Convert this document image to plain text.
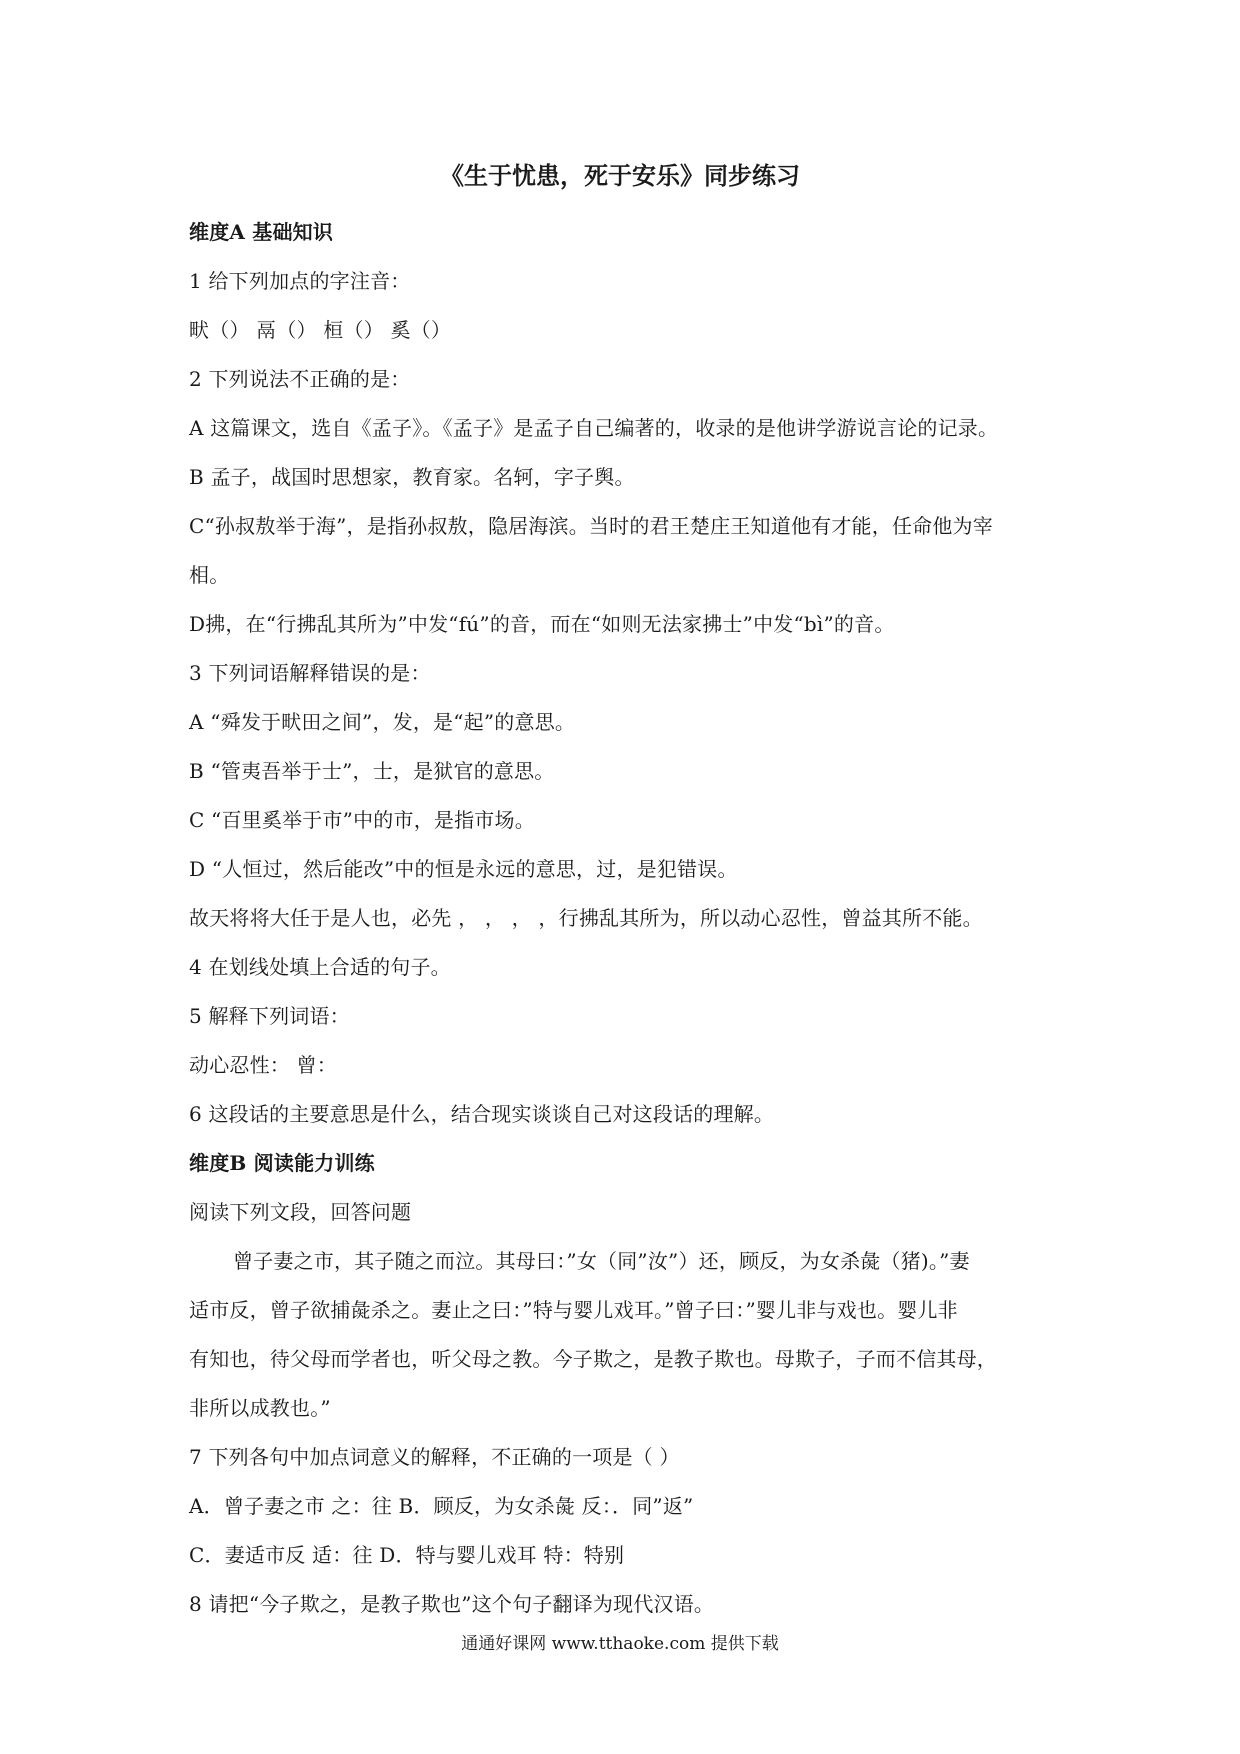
《生于忧患，死于安乐》同步练习
维度A 基础知识
1 给下列加点的字注音：
畎（） 鬲（） 桓（） 奚（）
2 下列说法不正确的是：
A 这篇课文，选自《孟子》。《孟子》是孟子自己编著的，收录的是他讲学游说言论的记录。
B 孟子，战国时思想家，教育家。名轲，字子舆。
C“孙叔敖举于海”，是指孙叔敖，隐居海滨。当时的君王楚庄王知道他有才能，任命他为宰
相。
D拂，在“行拂乱其所为”中发“fú”的音，而在“如则无法家拂士”中发“bì”的音。
3 下列词语解释错误的是：
A “舜发于畎田之间”，发，是“起”的意思。
B “管夷吾举于士”，士，是狱官的意思。
C “百里奚举于市”中的市，是指市场。
D “人恒过，然后能改”中的恒是永远的意思，过，是犯错误。
故天将将大任于是人也，必先 ， ， ， ，行拂乱其所为，所以动心忍性，曾益其所不能。
4 在划线处填上合适的句子。
5 解释下列词语：
动心忍性： 曾：
6 这段话的主要意思是什么，结合现实谈谈自己对这段话的理解。
维度B 阅读能力训练
阅读下列文段，回答问题
曾子妻之市，其子随之而泣。其母曰：”女（同”汝”）还，顾反，为女杀彘（猪)。”妻
适市反，曾子欲捕彘杀之。妻止之曰：”特与婴儿戏耳。”曾子曰：”婴儿非与戏也。婴儿非
有知也，待父母而学者也，听父母之教。今子欺之，是教子欺也。母欺子，子而不信其母，
非所以成教也。”
7 下列各句中加点词意义的解释，不正确的一项是（ ）
A．曾子妻之市 之：往 B．顾反，为女杀彘 反：．同”返”
C．妻适市反 适：往 D．特与婴儿戏耳 特：特别
8 请把“今子欺之，是教子欺也”这个句子翻译为现代汉语。
通通好课网 www.tthaoke.com 提供下载
